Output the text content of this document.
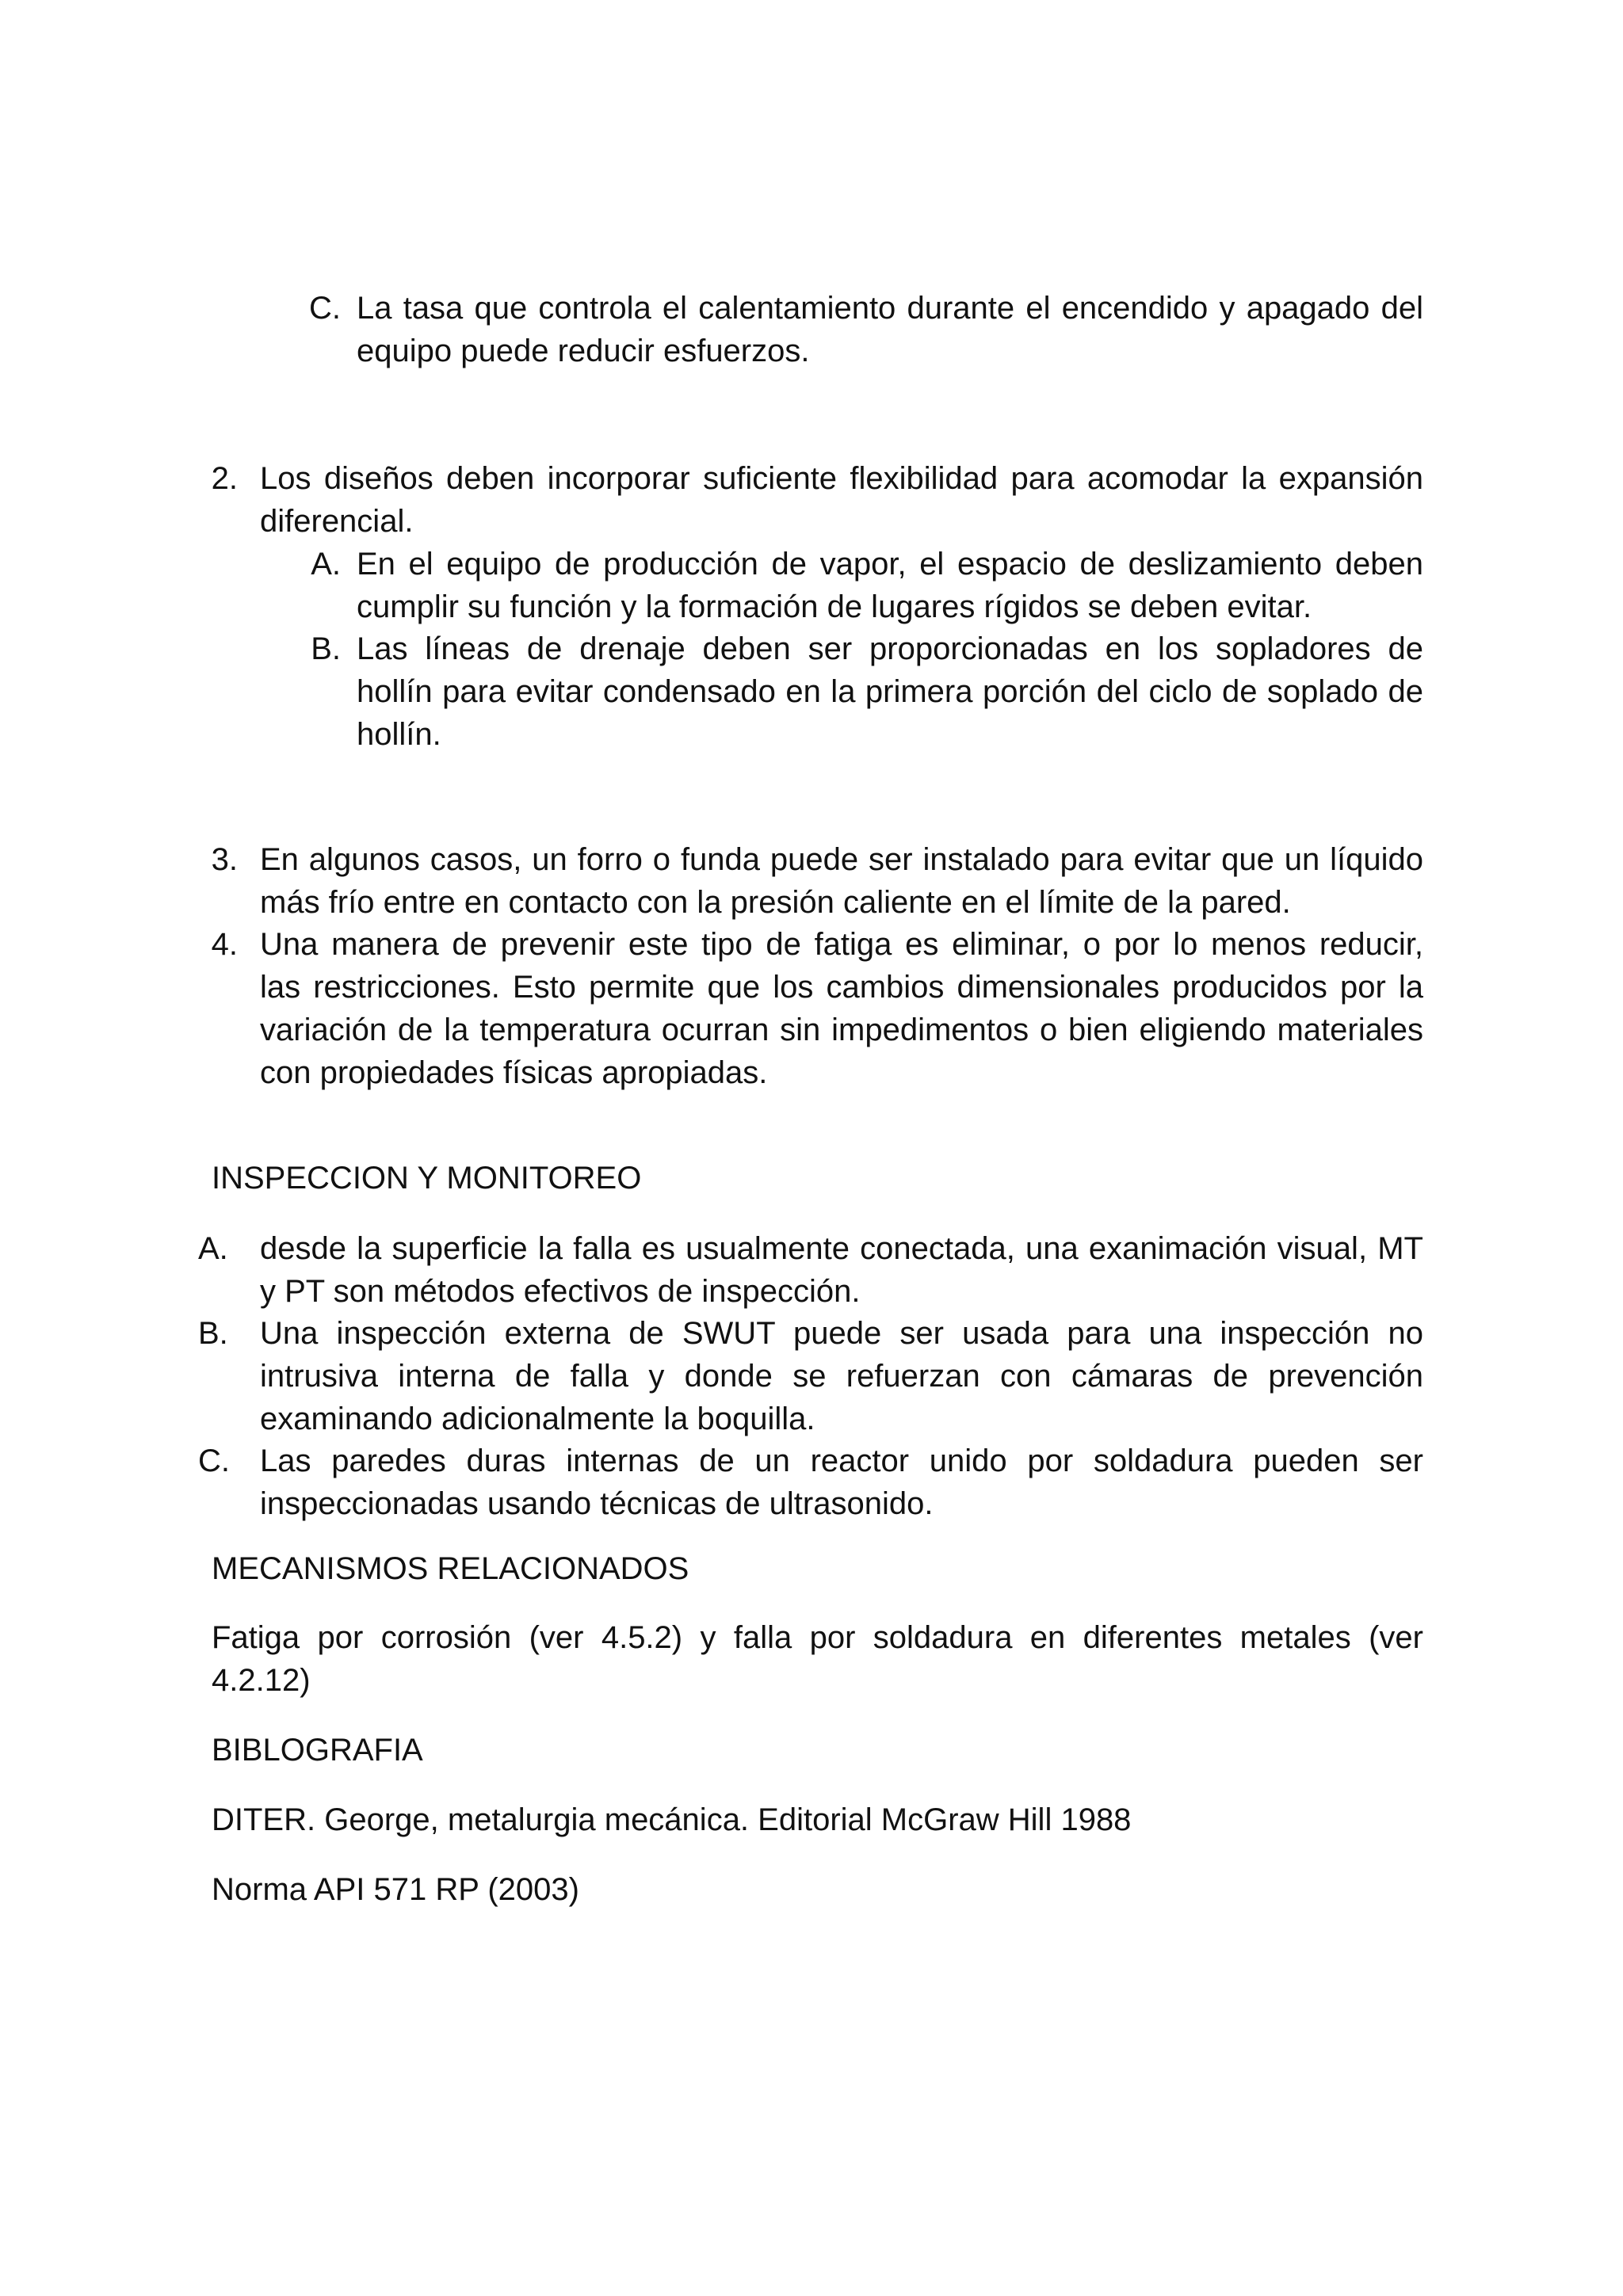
C. La tasa que controla el calentamiento durante el encendido y apagado del
equipo puede reducir esfuerzos.
2. Los diseños deben incorporar suficiente flexibilidad para acomodar la expansión
diferencial.
A. En el equipo de producción de vapor, el espacio de deslizamiento deben
cumplir su función y la formación de lugares rígidos se deben evitar.
B. Las líneas de drenaje deben ser proporcionadas en los sopladores de
hollín para evitar condensado en la primera porción del ciclo de soplado de
hollín.
3. En algunos casos, un forro o funda puede ser instalado para evitar que un líquido
más frío entre en contacto con la presión caliente en el límite de la pared.
4. Una manera de prevenir este tipo de fatiga es eliminar, o por lo menos reducir,
las restricciones. Esto permite que los cambios dimensionales producidos por la
variación de la temperatura ocurran sin impedimentos o bien eligiendo materiales
con propiedades físicas apropiadas.
INSPECCION Y MONITOREO
A.	desde la superficie la falla es usualmente conectada, una exanimación visual, MT
y PT son métodos efectivos de inspección.
B.	Una inspección externa de SWUT puede ser usada para una inspección no
intrusiva interna de falla y donde se refuerzan con cámaras de prevención
examinando adicionalmente la boquilla.
C. Las paredes duras internas de un reactor unido por soldadura pueden ser
inspeccionadas usando técnicas de ultrasonido.
MECANISMOS RELACIONADOS
Fatiga por corrosión (ver 4.5.2) y falla por soldadura en diferentes metales (ver
4.2.12)
BIBLOGRAFIA
DITER. George, metalurgia mecánica. Editorial McGraw Hill 1988
Norma API 571 RP (2003)
